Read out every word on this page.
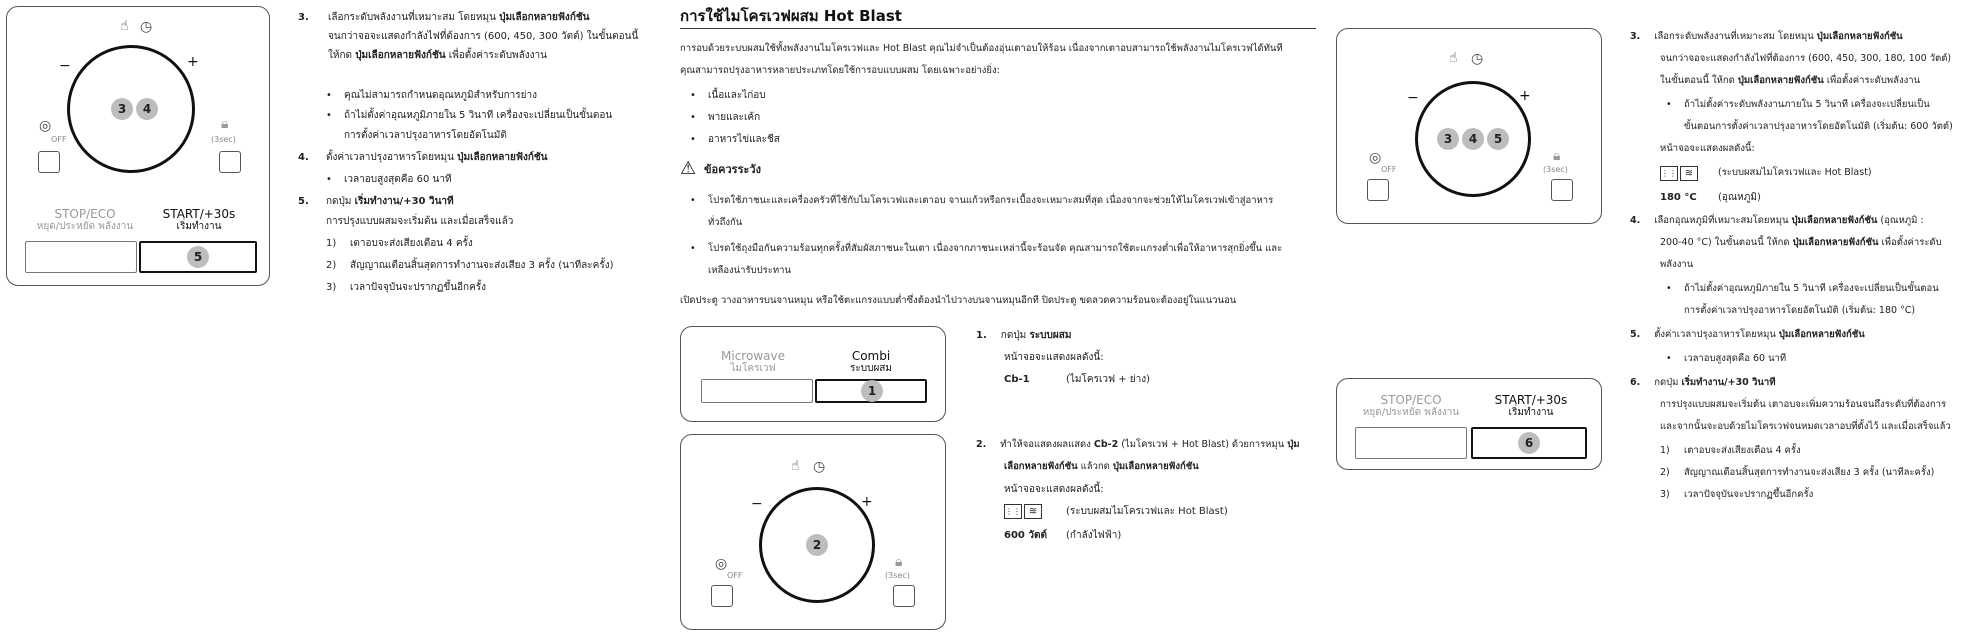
☝ ◷
−	+
3	4
◎
OFF
🔒︎
(3sec)
STOP/ECO
หยุด/ประหยัด พลังงาน
START/+30s
เริ่มทำงาน
5
3. เลือกระดับพลังงานที่เหมาะสม โดยหมุน ปุ่มเลือกหลายฟังก์ชัน
จนกว่าจอจะแสดงกำลังไฟที่ต้องการ (600, 450, 300 วัตต์) ในขั้นตอนนี้
ให้กด ปุ่มเลือกหลายฟังก์ชัน เพื่อตั้งค่าระดับพลังงาน
• คุณไม่สามารถกำหนดอุณหภูมิสำหรับการย่าง
• ถ้าไม่ตั้งค่าอุณหภูมิภายใน 5 วินาที เครื่องจะเปลี่ยนเป็นขั้นตอน
การตั้งค่าเวลาปรุงอาหารโดยอัตโนมัติ
4. ตั้งค่าเวลาปรุงอาหารโดยหมุน ปุ่มเลือกหลายฟังก์ชัน
• เวลาอบสูงสุดคือ 60 นาที
5. กดปุ่ม เริ่มทำงาน/+30 วินาที
การปรุงแบบผสมจะเริ่มต้น และเมื่อเสร็จแล้ว
1) เตาอบจะส่งเสียงเตือน 4 ครั้ง
2) สัญญาณเตือนสิ้นสุดการทำงานจะส่งเสียง 3 ครั้ง (นาทีละครั้ง)
3) เวลาปัจจุบันจะปรากฏขึ้นอีกครั้ง
การใช้ไมโครเวฟผสม Hot Blast
การอบด้วยระบบผสมใช้ทั้งพลังงานไมโครเวฟและ Hot Blast คุณไม่จำเป็นต้องอุ่นเตาอบให้ร้อน เนื่องจากเตาอบสามารถใช้พลังงานไมโครเวฟได้ทันที
คุณสามารถปรุงอาหารหลายประเภทโดยใช้การอบแบบผสม โดยเฉพาะอย่างยิ่ง:
• เนื้อและไก่อบ
• พายและเค้ก
• อาหารไข่และชีส
⚠ ข้อควรระวัง
• โปรดใช้ภาชนะและเครื่องครัวที่ใช้กับไมโครเวฟและเตาอบ จานแก้วหรือกระเบื้องจะเหมาะสมที่สุด เนื่องจากจะช่วยให้ไมโครเวฟเข้าสู่อาหาร
ทั่วถึงกัน
• โปรดใช้ถุงมือกันความร้อนทุกครั้งที่สัมผัสภาชนะในเตา เนื่องจากภาชนะเหล่านี้จะร้อนจัด คุณสามารถใช้ตะแกรงต่ำเพื่อให้อาหารสุกยิ่งขึ้น และ
เหลืองน่ารับประทาน
เปิดประตู วางอาหารบนจานหมุน หรือใช้ตะแกรงแบบต่ำซึ่งต้องนำไปวางบนจานหมุนอีกที ปิดประตู ขดลวดความร้อนจะต้องอยู่ในแนวนอน
Microwave
ไมโครเวฟ
Combi
ระบบผสม
1
☝ ◷
−	+
2
◎
OFF
🔒︎
(3sec)
1. กดปุ่ม ระบบผสม
หน้าจอจะแสดงผลดังนี้:
Cb-1	(ไมโครเวฟ + ย่าง)
2. ทำให้จอแสดงผลแสดง Cb-2 (ไมโครเวฟ + Hot Blast) ด้วยการหมุน ปุ่ม
เลือกหลายฟังก์ชัน แล้วกด ปุ่มเลือกหลายฟังก์ชัน
หน้าจอจะแสดงผลดังนี้:
⋮⋮ ≋	(ระบบผสมไมโครเวฟและ Hot Blast)
600 วัตต์ (กำลังไฟฟ้า)
☝ ◷
−	+
3	4	5
◎
OFF
🔒︎
(3sec)
STOP/ECO
หยุด/ประหยัด พลังงาน
START/+30s
เริ่มทำงาน
6
3. เลือกระดับพลังงานที่เหมาะสม โดยหมุน ปุ่มเลือกหลายฟังก์ชัน
จนกว่าจอจะแสดงกำลังไฟที่ต้องการ (600, 450, 300, 180, 100 วัตต์)
ในขั้นตอนนี้ ให้กด ปุ่มเลือกหลายฟังก์ชัน เพื่อตั้งค่าระดับพลังงาน
• ถ้าไม่ตั้งค่าระดับพลังงานภายใน 5 วินาที เครื่องจะเปลี่ยนเป็น
ขั้นตอนการตั้งค่าเวลาปรุงอาหารโดยอัตโนมัติ (เริ่มต้น: 600 วัตต์)
หน้าจอจะแสดงผลดังนี้:
⋮⋮ ≋	(ระบบผสมไมโครเวฟและ Hot Blast)
180 °C (อุณหภูมิ)
4. เลือกอุณหภูมิที่เหมาะสมโดยหมุน ปุ่มเลือกหลายฟังก์ชัน (อุณหภูมิ :
200-40 °C) ในขั้นตอนนี้ ให้กด ปุ่มเลือกหลายฟังก์ชัน เพื่อตั้งค่าระดับ
พลังงาน
• ถ้าไม่ตั้งค่าอุณหภูมิภายใน 5 วินาที เครื่องจะเปลี่ยนเป็นขั้นตอน
การตั้งค่าเวลาปรุงอาหารโดยอัตโนมัติ (เริ่มต้น: 180 °C)
5. ตั้งค่าเวลาปรุงอาหารโดยหมุน ปุ่มเลือกหลายฟังก์ชัน
• เวลาอบสูงสุดคือ 60 นาที
6. กดปุ่ม เริ่มทำงาน/+30 วินาที
การปรุงแบบผสมจะเริ่มต้น เตาอบจะเพิ่มความร้อนจนถึงระดับที่ต้องการ
และจากนั้นจะอบด้วยไมโครเวฟจนหมดเวลาอบที่ตั้งไว้ และเมื่อเสร็จแล้ว
1) เตาอบจะส่งเสียงเตือน 4 ครั้ง
2) สัญญาณเตือนสิ้นสุดการทำงานจะส่งเสียง 3 ครั้ง (นาทีละครั้ง)
3) เวลาปัจจุบันจะปรากฏขึ้นอีกครั้ง
